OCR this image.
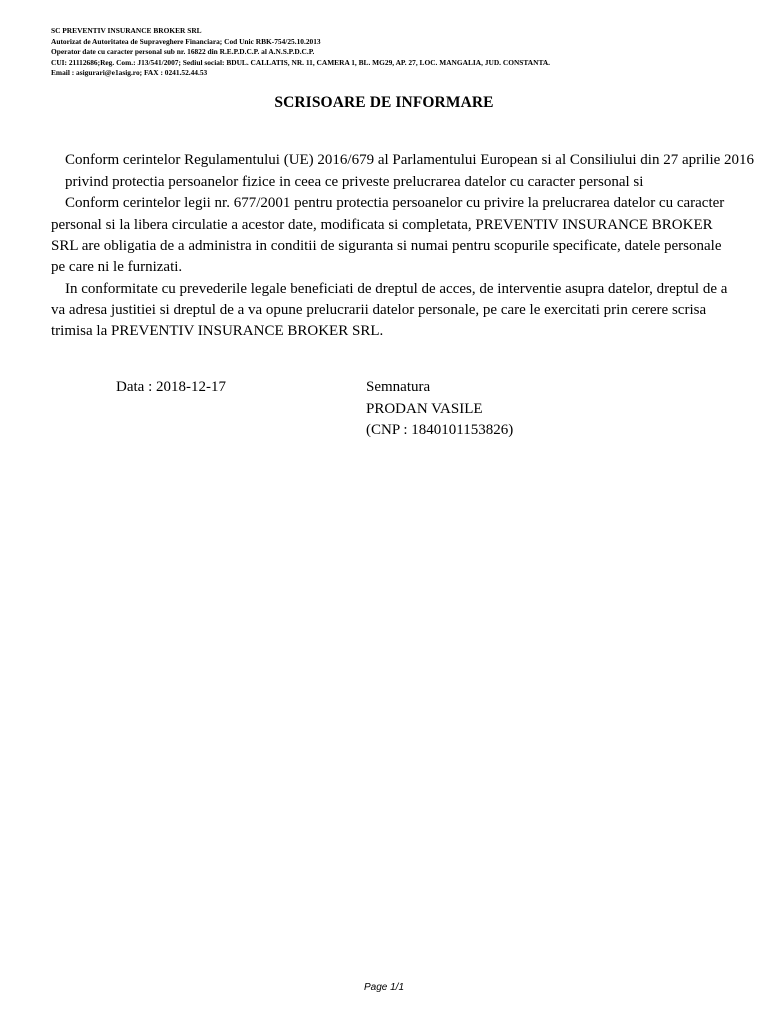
SC PREVENTIV INSURANCE BROKER SRL
Autorizat de Autoritatea de Supraveghere Financiara; Cod Unic RBK-754/25.10.2013
Operator date cu caracter personal sub nr. 16822 din R.E.P.D.C.P. al A.N.S.P.D.C.P.
CUI: 21112686;Reg. Com.: J13/541/2007; Sediul social: BDUL. CALLATIS, NR. 11, CAMERA 1, BL. MG29, AP. 27, LOC. MANGALIA, JUD. CONSTANTA.
Email : asigurari@e1asig.ro; FAX : 0241.52.44.53
SCRISOARE DE INFORMARE
Conform cerintelor Regulamentului (UE) 2016/679 al Parlamentului European si al Consiliului din 27 aprilie 2016
privind protectia persoanelor fizice in ceea ce priveste prelucrarea datelor cu caracter personal si
Conform cerintelor legii nr. 677/2001 pentru protectia persoanelor cu privire la prelucrarea datelor cu caracter
personal si la libera circulatie a acestor date, modificata si completata, PREVENTIV INSURANCE BROKER
SRL are obligatia de a administra in conditii de siguranta si numai pentru scopurile specificate, datele personale
pe care ni le furnizati.
In conformitate cu prevederile legale beneficiati de dreptul de acces, de interventie asupra datelor, dreptul de a
va adresa justitiei si dreptul de a va opune prelucrarii datelor personale, pe care le exercitati prin cerere scrisa
trimisa la PREVENTIV INSURANCE BROKER SRL.
Data : 2018-12-17	Semnatura
PRODAN VASILE
(CNP : 1840101153826)
Page 1/1
